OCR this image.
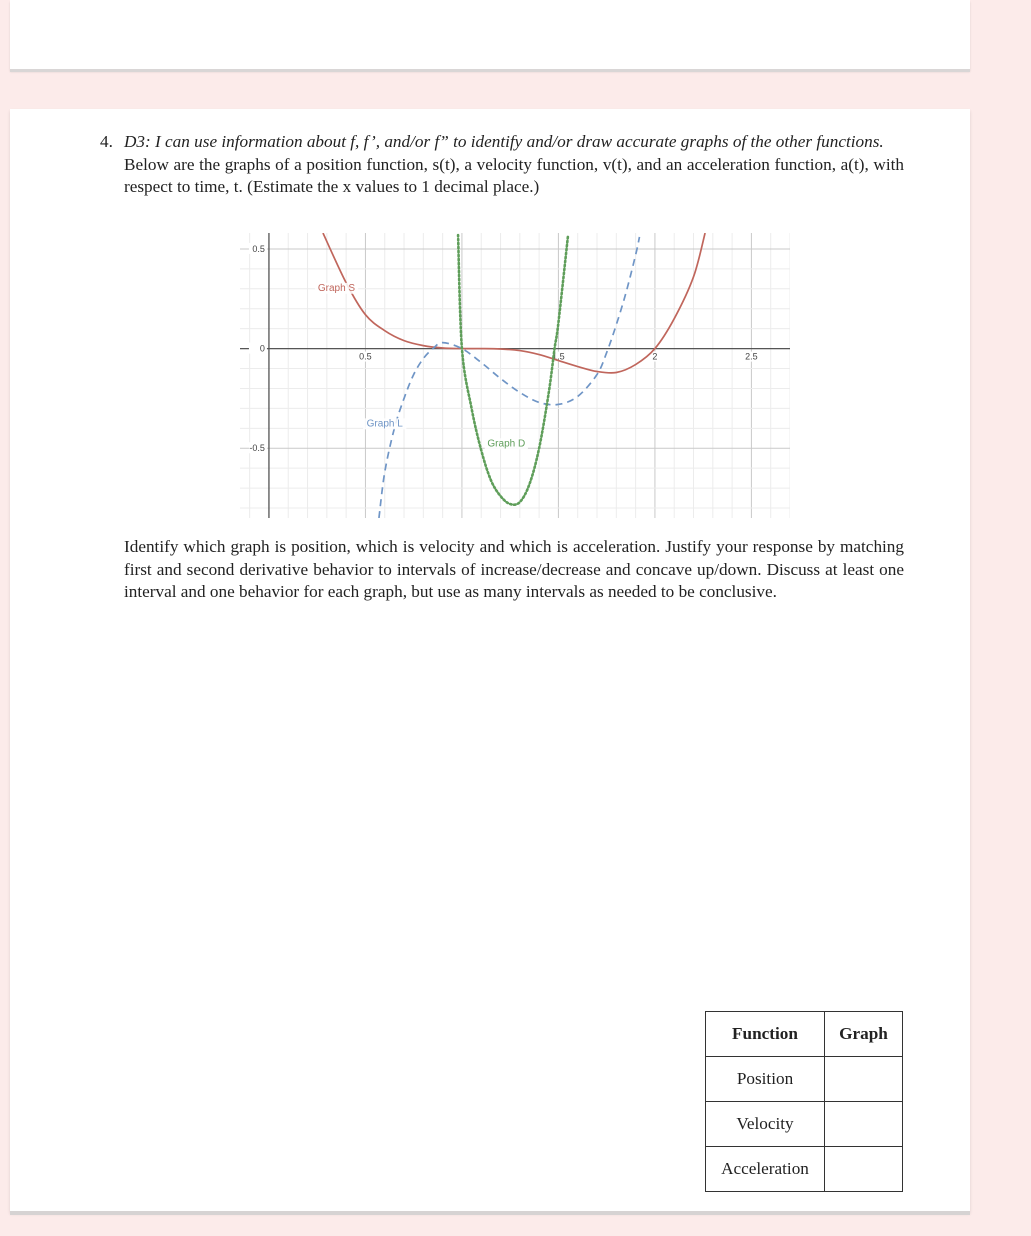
4. D3: I can use information about f, f’, and/or f” to identify and/or draw accurate graphs of the other functions.
Below are the graphs of a position function, s(t), a velocity function, v(t), and an acceleration function, a(t), with respect to time, t. (Estimate the x values to 1 decimal place.)
0.5	1.5	2	2.5
0.5
0
-0.5
Graph S
Graph L
Graph D
Identify which graph is position, which is velocity and which is acceleration. Justify your response by matching first and second derivative behavior to intervals of increase/decrease and concave up/down. Discuss at least one interval and one behavior for each graph, but use as many intervals as needed to be conclusive.
Function	Graph
Position	
Velocity	
Acceleration	
